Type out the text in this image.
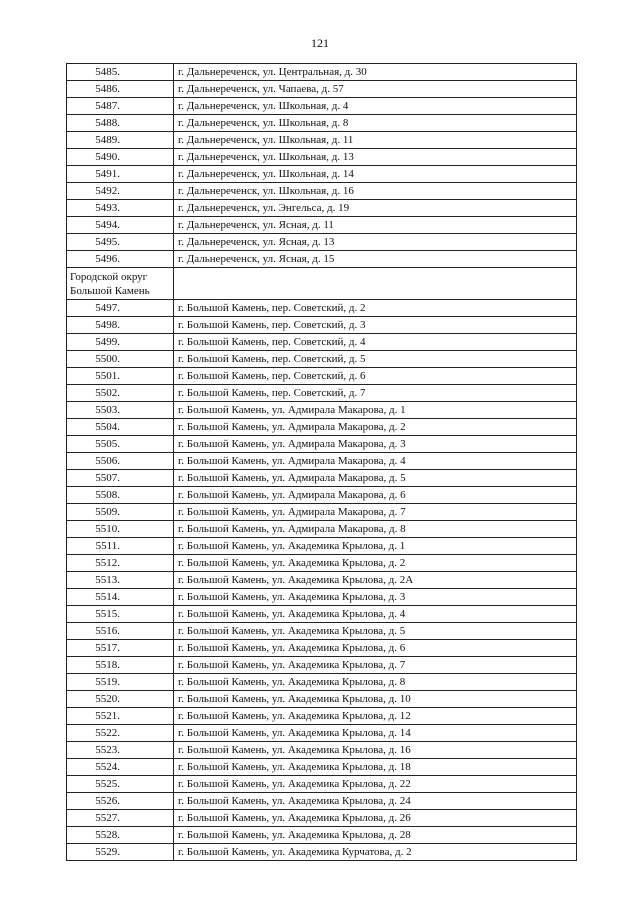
121
5485.	г. Дальнереченск, ул. Центральная, д. 30
5486.	г. Дальнереченск, ул. Чапаева, д. 57
5487.	г. Дальнереченск, ул. Школьная, д. 4
5488.	г. Дальнереченск, ул. Школьная, д. 8
5489.	г. Дальнереченск, ул. Школьная, д. 11
5490.	г. Дальнереченск, ул. Школьная, д. 13
5491.	г. Дальнереченск, ул. Школьная, д. 14
5492.	г. Дальнереченск, ул. Школьная, д. 16
5493.	г. Дальнереченск, ул. Энгельса, д. 19
5494.	г. Дальнереченск, ул. Ясная, д. 11
5495.	г. Дальнереченск, ул. Ясная, д. 13
5496.	г. Дальнереченск, ул. Ясная, д. 15

Городской округ
Большой Камень	

5497.	г. Большой Камень, пер. Советский, д. 2
5498.	г. Большой Камень, пер. Советский, д. 3
5499.	г. Большой Камень, пер. Советский, д. 4
5500.	г. Большой Камень, пер. Советский, д. 5
5501.	г. Большой Камень, пер. Советский, д. 6
5502.	г. Большой Камень, пер. Советский, д. 7
5503.	г. Большой Камень, ул. Адмирала Макарова, д. 1
5504.	г. Большой Камень, ул. Адмирала Макарова, д. 2
5505.	г. Большой Камень, ул. Адмирала Макарова, д. 3
5506.	г. Большой Камень, ул. Адмирала Макарова, д. 4
5507.	г. Большой Камень, ул. Адмирала Макарова, д. 5
5508.	г. Большой Камень, ул. Адмирала Макарова, д. 6
5509.	г. Большой Камень, ул. Адмирала Макарова, д. 7
5510.	г. Большой Камень, ул. Адмирала Макарова, д. 8
5511.	г. Большой Камень, ул. Академика Крылова, д. 1
5512.	г. Большой Камень, ул. Академика Крылова, д. 2
5513.	г. Большой Камень, ул. Академика Крылова, д. 2А
5514.	г. Большой Камень, ул. Академика Крылова, д. 3
5515.	г. Большой Камень, ул. Академика Крылова, д. 4
5516.	г. Большой Камень, ул. Академика Крылова, д. 5
5517.	г. Большой Камень, ул. Академика Крылова, д. 6
5518.	г. Большой Камень, ул. Академика Крылова, д. 7
5519.	г. Большой Камень, ул. Академика Крылова, д. 8
5520.	г. Большой Камень, ул. Академика Крылова, д. 10
5521.	г. Большой Камень, ул. Академика Крылова, д. 12
5522.	г. Большой Камень, ул. Академика Крылова, д. 14
5523.	г. Большой Камень, ул. Академика Крылова, д. 16
5524.	г. Большой Камень, ул. Академика Крылова, д. 18
5525.	г. Большой Камень, ул. Академика Крылова, д. 22
5526.	г. Большой Камень, ул. Академика Крылова, д. 24
5527.	г. Большой Камень, ул. Академика Крылова, д. 26
5528.	г. Большой Камень, ул. Академика Крылова, д. 28
5529.	г. Большой Камень, ул. Академика Курчатова, д. 2
